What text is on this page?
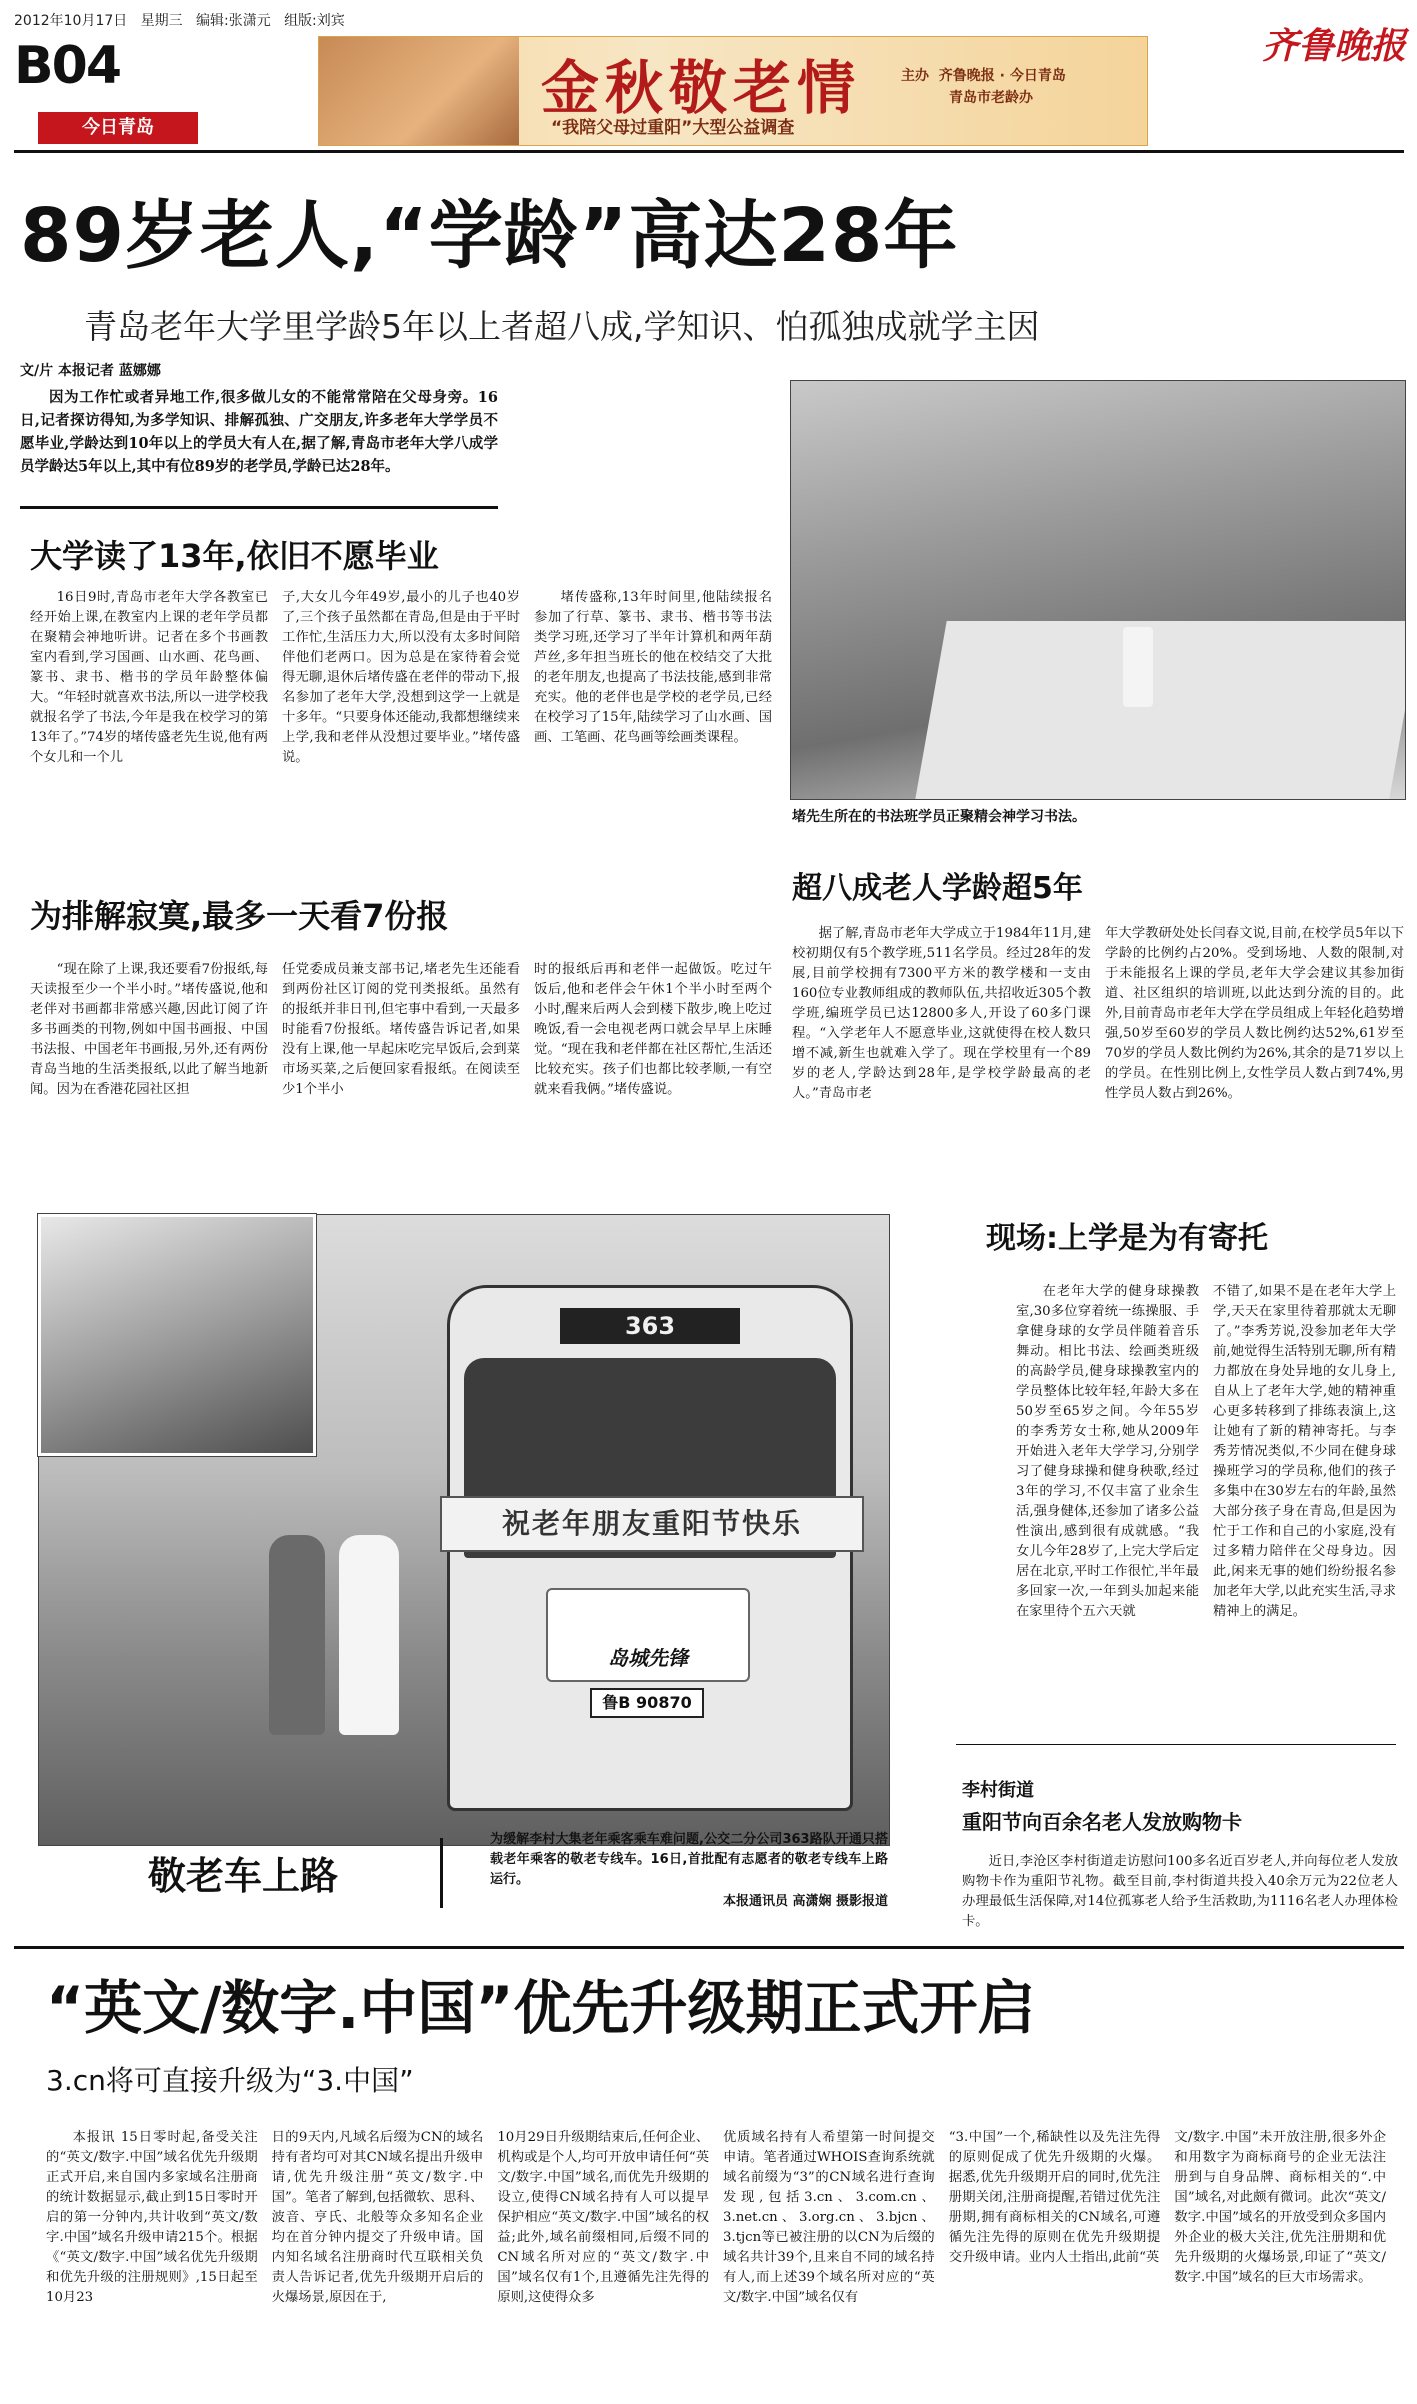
2012年10月17日 星期三 编辑:张潇元 组版:刘宾
B04
今日青岛
金秋敬老情
“我陪父母过重阳”大型公益调查
主办 齐鲁晚报 · 今日青岛
青岛市老龄办
齐鲁晚报
89岁老人,“学龄”高达28年
青岛老年大学里学龄5年以上者超八成,学知识、怕孤独成就学主因
文/片 本报记者 蓝娜娜
因为工作忙或者异地工作,很多做儿女的不能常常陪在父母身旁。16日,记者探访得知,为多学知识、排解孤独、广交朋友,许多老年大学学员不愿毕业,学龄达到10年以上的学员大有人在,据了解,青岛市老年大学八成学员学龄达5年以上,其中有位89岁的老学员,学龄已达28年。
堵先生所在的书法班学员正聚精会神学习书法。
大学读了13年,依旧不愿毕业

16日9时,青岛市老年大学各教室已经开始上课,在教室内上课的老年学员都在聚精会神地听讲。记者在多个书画教室内看到,学习国画、山水画、花鸟画、篆书、隶书、楷书的学员年龄整体偏大。“年轻时就喜欢书法,所以一进学校我就报名学了书法,今年是我在校学习的第13年了。”74岁的堵传盛老先生说,他有两个女儿和一个儿

子,大女儿今年49岁,最小的儿子也40岁了,三个孩子虽然都在青岛,但是由于平时工作忙,生活压力大,所以没有太多时间陪伴他们老两口。因为总是在家待着会觉得无聊,退休后堵传盛在老伴的带动下,报名参加了老年大学,没想到这学一上就是十多年。“只要身体还能动,我都想继续来上学,我和老伴从没想过要毕业。”堵传盛说。

堵传盛称,13年时间里,他陆续报名参加了行草、篆书、隶书、楷书等书法类学习班,还学习了半年计算机和两年葫芦丝,多年担当班长的他在校结交了大批的老年朋友,也提高了书法技能,感到非常充实。他的老伴也是学校的老学员,已经在校学习了15年,陆续学习了山水画、国画、工笔画、花鸟画等绘画类课程。

为排解寂寞,最多一天看7份报

“现在除了上课,我还要看7份报纸,每天读报至少一个半小时。”堵传盛说,他和老伴对书画都非常感兴趣,因此订阅了许多书画类的刊物,例如中国书画报、中国书法报、中国老年书画报,另外,还有两份青岛当地的生活类报纸,以此了解当地新闻。因为在香港花园社区担

任党委成员兼支部书记,堵老先生还能看到两份社区订阅的党刊类报纸。虽然有的报纸并非日刊,但宅事中看到,一天最多时能看7份报纸。堵传盛告诉记者,如果没有上课,他一早起床吃完早饭后,会到菜市场买菜,之后便回家看报纸。在阅读至少1个半小

时的报纸后再和老伴一起做饭。吃过午饭后,他和老伴会午休1个半小时至两个小时,醒来后两人会到楼下散步,晚上吃过晚饭,看一会电视老两口就会早早上床睡觉。“现在我和老伴都在社区帮忙,生活还比较充实。孩子们也都比较孝顺,一有空就来看我俩。”堵传盛说。

超八成老人学龄超5年

据了解,青岛市老年大学成立于1984年11月,建校初期仅有5个教学班,511名学员。经过28年的发展,目前学校拥有7300平方米的教学楼和一支由160位专业教师组成的教师队伍,共招收近305个教学班,编班学员已达12800多人,开设了60多门课程。“入学老年人不愿意毕业,这就使得在校人数只增不减,新生也就难入学了。现在学校里有一个89岁的老人,学龄达到28年,是学校学龄最高的老人。”青岛市老

年大学教研处处长闫春文说,目前,在校学员5年以下学龄的比例约占20%。受到场地、人数的限制,对于未能报名上课的学员,老年大学会建议其参加街道、社区组织的培训班,以此达到分流的目的。此外,目前青岛市老年大学在学员组成上年轻化趋势增强,50岁至60岁的学员人数比例约达52%,61岁至70岁的学员人数比例约为26%,其余的是71岁以上的学员。在性别比例上,女性学员人数占到74%,男性学员人数占到26%。

363
祝老年朋友重阳节快乐
岛城先锋
鲁B 90870
敬老车上路
为缓解李村大集老年乘客乘车难问题,公交二分公司363路队开通只搭载老年乘客的敬老专线车。16日,首批配有志愿者的敬老专线车上路运行。
本报通讯员 高潇娴 摄影报道
现场:上学是为有寄托

在老年大学的健身球操教室,30多位穿着统一练操服、手拿健身球的女学员伴随着音乐舞动。相比书法、绘画类班级的高龄学员,健身球操教室内的学员整体比较年轻,年龄大多在50岁至65岁之间。今年55岁的李秀芳女士称,她从2009年开始进入老年大学学习,分别学习了健身球操和健身秧歌,经过3年的学习,不仅丰富了业余生活,强身健体,还参加了诸多公益性演出,感到很有成就感。“我女儿今年28岁了,上完大学后定居在北京,平时工作很忙,半年最多回家一次,一年到头加起来能在家里待个五六天就

不错了,如果不是在老年大学上学,天天在家里待着那就太无聊了。”李秀芳说,没参加老年大学前,她觉得生活特别无聊,所有精力都放在身处异地的女儿身上,自从上了老年大学,她的精神重心更多转移到了排练表演上,这让她有了新的精神寄托。与李秀芳情况类似,不少同在健身球操班学习的学员称,他们的孩子多集中在30岁左右的年龄,虽然大部分孩子身在青岛,但是因为忙于工作和自己的小家庭,没有过多精力陪伴在父母身边。因此,闲来无事的她们纷纷报名参加老年大学,以此充实生活,寻求精神上的满足。

李村街道
重阳节向百余名老人发放购物卡
近日,李沧区李村街道走访慰问100多名近百岁老人,并向每位老人发放购物卡作为重阳节礼物。截至目前,李村街道共投入40余万元为22位老人办理最低生活保障,对14位孤寡老人给予生活救助,为1116名老人办理体检卡。
“英文/数字.中国”优先升级期正式开启
3.cn将可直接升级为“3.中国”

本报讯 15日零时起,备受关注的“英文/数字.中国”域名优先升级期正式开启,来自国内多家域名注册商的统计数据显示,截止到15日零时开启的第一分钟内,共计收到“英文/数字.中国”域名升级申请215个。根据《“英文/数字.中国”域名优先升级期和优先升级的注册规则》,15日起至10月23

日的9天内,凡域名后缀为CN的域名持有者均可对其CN域名提出升级申请,优先升级注册“英文/数字.中国”。笔者了解到,包括微软、思科、波音、亨氏、北般等众多知名企业均在首分钟内提交了升级申请。国内知名域名注册商时代互联相关负责人告诉记者,优先升级期开启后的火爆场景,原因在于,

10月29日升级期结束后,任何企业、机构或是个人,均可开放申请任何“英文/数字.中国”域名,而优先升级期的设立,使得CN域名持有人可以提早保护相应“英文/数字.中国”域名的权益;此外,域名前缀相同,后缀不同的CN域名所对应的“英文/数字.中国”域名仅有1个,且遵循先注先得的原则,这使得众多

优质域名持有人希望第一时间提交申请。笔者通过WHOIS查询系统就域名前缀为“3”的CN域名进行查询发现,包括3.cn、3.com.cn、3.net.cn、3.org.cn、3.bjcn、3.tjcn等已被注册的以CN为后缀的域名共计39个,且来自不同的域名持有人,而上述39个域名所对应的“英文/数字.中国”域名仅有

“3.中国”一个,稀缺性以及先注先得的原则促成了优先升级期的火爆。据悉,优先升级期开启的同时,优先注册期关闭,注册商提醒,若错过优先注册期,拥有商标相关的CN域名,可遵循先注先得的原则在优先升级期提交升级申请。业内人士指出,此前“英

文/数字.中国”未开放注册,很多外企和用数字为商标商号的企业无法注册到与自身品牌、商标相关的“.中国”域名,对此颇有微词。此次“英文/数字.中国”域名的开放受到众多国内外企业的极大关注,优先注册期和优先升级期的火爆场景,印证了“英文/数字.中国”域名的巨大市场需求。
